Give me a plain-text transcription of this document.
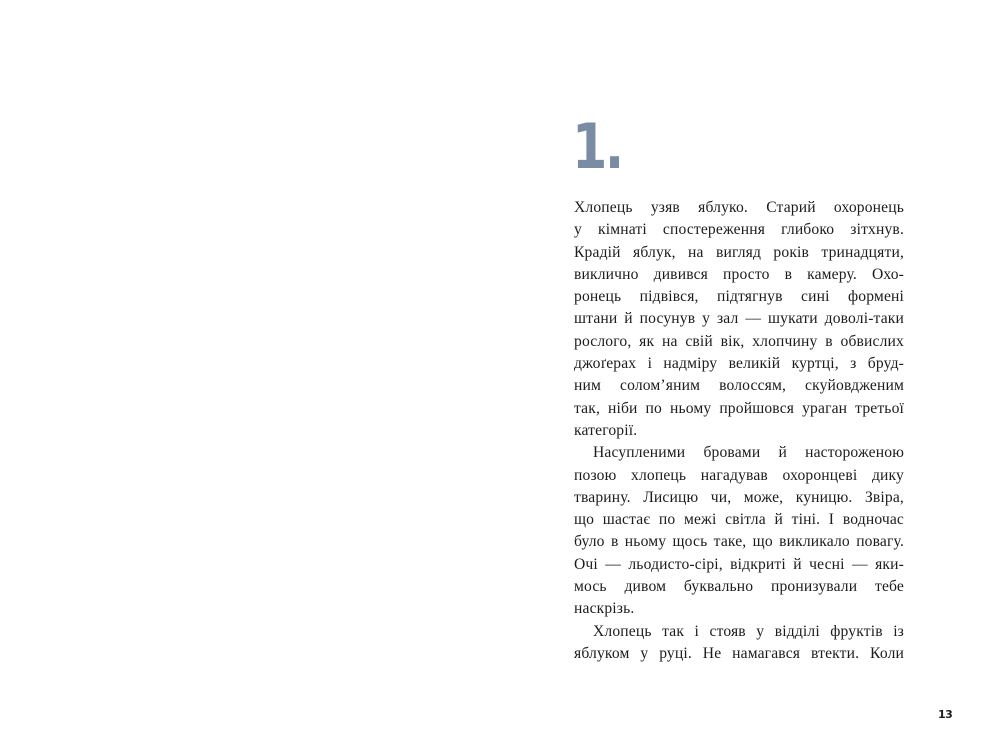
1.
Хлопець узяв яблуко. Старий охоронець
у кімнаті спостереження глибоко зітхнув.
Крадій яблук, на вигляд років тринадцяти,
виклично дивився просто в камеру. Охо-
ронець підвівся, підтягнув сині формені
штани й посунув у зал — шукати доволі-таки
рослого, як на свій вік, хлопчину в обвислих
джоґерах і надміру великій куртці, з бруд-
ним солом’яним волоссям, скуйовдженим
так, ніби по ньому пройшовся ураган третьої
категорії.
Насупленими бровами й настороженою
позою хлопець нагадував охоронцеві дику
тварину. Лисицю чи, може, куницю. Звіра,
що шастає по межі світла й тіні. І водночас
було в ньому щось таке, що викликало повагу.
Очі — льодисто-сірі, відкриті й чесні — яки-
мось дивом буквально пронизували тебе
наскрізь.
Хлопець так і стояв у відділі фруктів із
яблуком у руці. Не намагався втекти. Коли
13
